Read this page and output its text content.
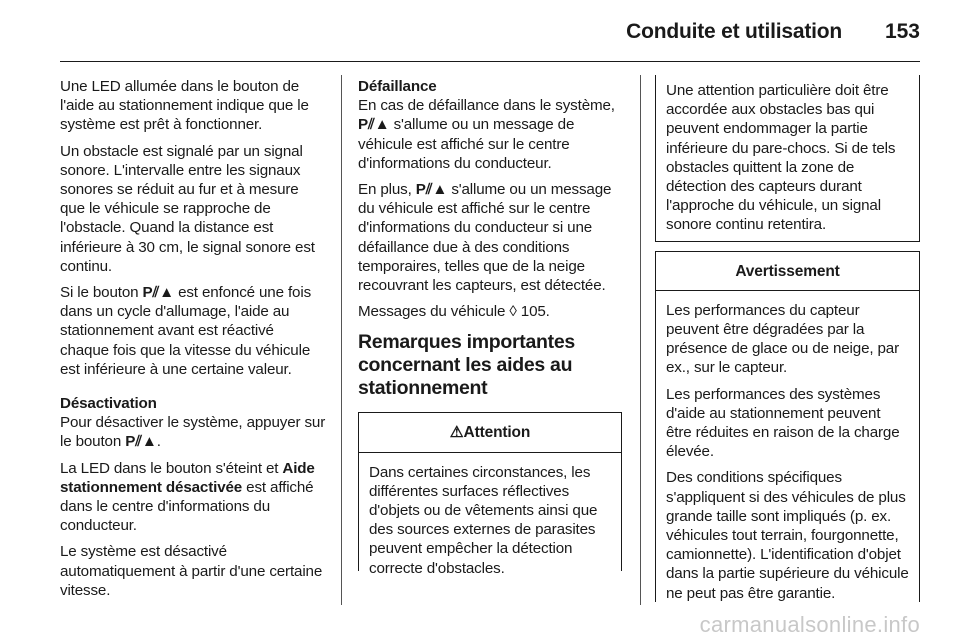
Conduite et utilisation 153

Une LED allumée dans le bouton de l'aide au stationnement indique que le système est prêt à fonctionner.

Un obstacle est signalé par un signal sonore. L'intervalle entre les signaux sonores se réduit au fur et à mesure que le véhicule se rapproche de l'obstacle. Quand la distance est inférieure à 30 cm, le signal sonore est continu.

Si le bouton P⫽▲ est enfoncé une fois dans un cycle d'allumage, l'aide au stationnement avant est réactivé chaque fois que la vitesse du véhicule est inférieure à une certaine valeur.

Désactivation

Pour désactiver le système, appuyer sur le bouton P⫽▲.

La LED dans le bouton s'éteint et Aide stationnement désactivée est affiché dans le centre d'informations du conducteur.

Le système est désactivé automatiquement à partir d'une certaine vitesse.

Défaillance

En cas de défaillance dans le système, P⫽▲ s'allume ou un message de véhicule est affiché sur le centre d'informations du conducteur.

En plus, P⫽▲ s'allume ou un message du véhicule est affiché sur le centre d'informations du conducteur si une défaillance due à des conditions temporaires, telles que de la neige recouvrant les capteurs, est détectée.

Messages du véhicule ◊ 105.

Remarques importantes concernant les aides au stationnement
⚠Attention

Dans certaines circonstances, les différentes surfaces réflectives d'objets ou de vêtements ainsi que des sources externes de parasites peuvent empêcher la détection correcte d'obstacles.

Une attention particulière doit être accordée aux obstacles bas qui peuvent endommager la partie inférieure du pare-chocs. Si de tels obstacles quittent la zone de détection des capteurs durant l'approche du véhicule, un signal sonore continu retentira.

Avertissement

Les performances du capteur peuvent être dégradées par la présence de glace ou de neige, par ex., sur le capteur.

Les performances des systèmes d'aide au stationnement peuvent être réduites en raison de la charge élevée.

Des conditions spécifiques s'appliquent si des véhicules de plus grande taille sont impliqués (p. ex. véhicules tout terrain, fourgonnette, camionnette). L'identification d'objet dans la partie supérieure du véhicule ne peut pas être garantie.

carmanualsonline.info
